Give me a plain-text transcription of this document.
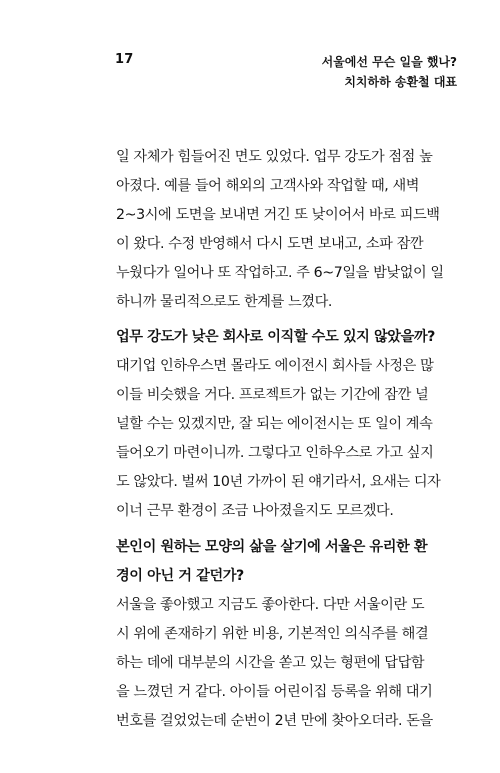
17	서울에선 무슨 일을 했나?
치치하하 송환철 대표
일 자체가 힘들어진 면도 있었다. 업무 강도가 점점 높
아졌다. 예를 들어 해외의 고객사와 작업할 때, 새벽
2~3시에 도면을 보내면 거긴 또 낮이어서 바로 피드백
이 왔다. 수정 반영해서 다시 도면 보내고, 소파 잠깐
누웠다가 일어나 또 작업하고. 주 6~7일을 밤낮없이 일
하니까 물리적으로도 한계를 느꼈다.
업무 강도가 낮은 회사로 이직할 수도 있지 않았을까?
대기업 인하우스면 몰라도 에이전시 회사들 사정은 많
이들 비슷했을 거다. 프로젝트가 없는 기간에 잠깐 널
널할 수는 있겠지만, 잘 되는 에이전시는 또 일이 계속
들어오기 마련이니까. 그렇다고 인하우스로 가고 싶지
도 않았다. 벌써 10년 가까이 된 얘기라서, 요새는 디자
이너 근무 환경이 조금 나아졌을지도 모르겠다.
본인이 원하는 모양의 삶을 살기에 서울은 유리한 환
경이 아닌 거 같던가?
서울을 좋아했고 지금도 좋아한다. 다만 서울이란 도
시 위에 존재하기 위한 비용, 기본적인 의식주를 해결
하는 데에 대부분의 시간을 쏟고 있는 형편에 답답함
을 느꼈던 거 같다. 아이들 어린이집 등록을 위해 대기
번호를 걸었었는데 순번이 2년 만에 찾아오더라. 돈을
